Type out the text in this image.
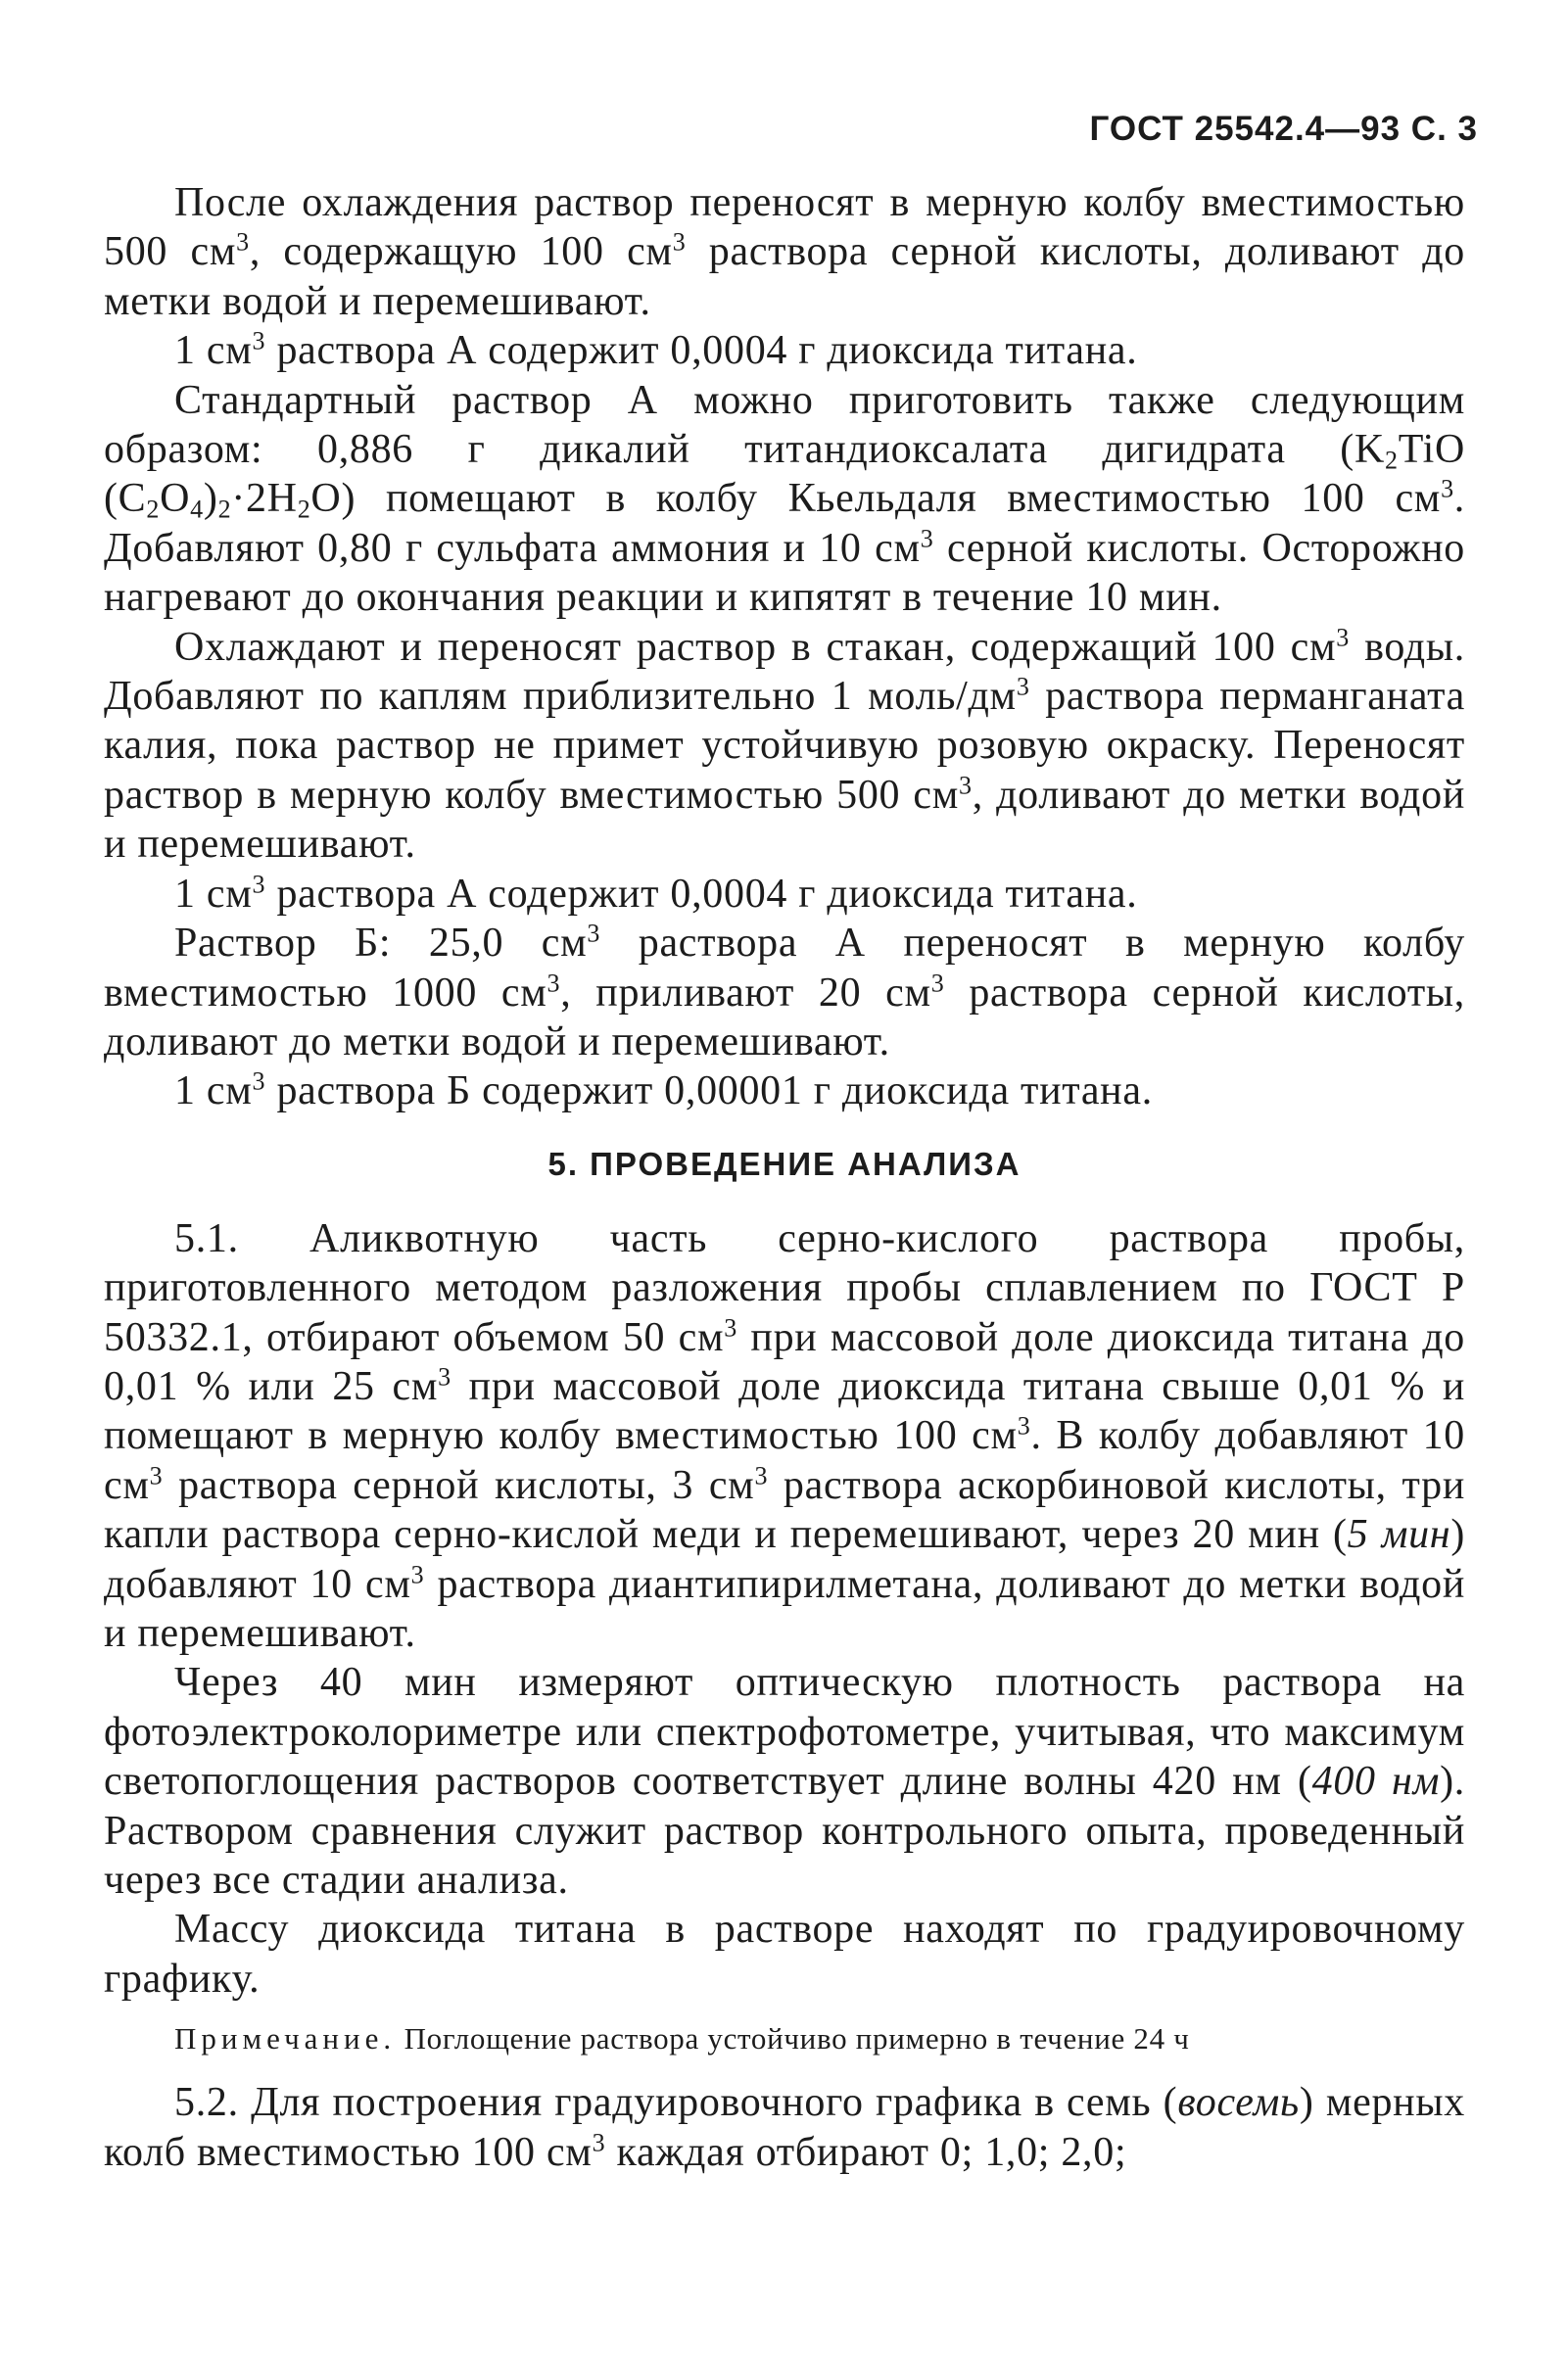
ГОСТ 25542.4—93 С. 3

После охлаждения раствор переносят в мерную колбу вместимостью 500 $см^3$, содержащую 100 $см^3$ раствора серной кислоты, доливают до метки водой и перемешивают.

1 $см^3$ раствора А содержит 0,0004 г диоксида титана.

Стандартный раствор А можно приготовить также следующим образом: 0,886 г дикалий титандиоксалата дигидрата ($K_2TiO$ $(C_2O_4)_2\cdot 2H_2O$) помещают в колбу Кьельдаля вместимостью 100 $см^3$. Добавляют 0,80 г сульфата аммония и 10 $см^3$ серной кислоты. Осторожно нагревают до окончания реакции и кипятят в течение 10 мин.

Охлаждают и переносят раствор в стакан, содержащий 100 $см^3$ воды. Добавляют по каплям приблизительно 1 моль/$дм^3$ раствора перманганата калия, пока раствор не примет устойчивую розовую окраску. Переносят раствор в мерную колбу вместимостью 500 $см^3$, доливают до метки водой и перемешивают.

1 $см^3$ раствора А содержит 0,0004 г диоксида титана.

Раствор Б: 25,0 $см^3$ раствора А переносят в мерную колбу вместимостью 1000 $см^3$, приливают 20 $см^3$ раствора серной кислоты, доливают до метки водой и перемешивают.

1 $см^3$ раствора Б содержит 0,00001 г диоксида титана.

5. ПРОВЕДЕНИЕ АНАЛИЗА

5.1. Аликвотную часть серно-кислого раствора пробы, приготовленного методом разложения пробы сплавлением по ГОСТ Р 50332.1, отбирают объемом 50 $см^3$ при массовой доле диоксида титана до 0,01 % или 25 $см^3$ при массовой доле диоксида титана свыше 0,01 % и помещают в мерную колбу вместимостью 100 $см^3$. В колбу добавляют 10 $см^3$ раствора серной кислоты, 3 $см^3$ раствора аскорбиновой кислоты, три капли раствора серно-кислой меди и перемешивают, через 20 мин (5 мин) добавляют 10 $см^3$ раствора диантипирилметана, доливают до метки водой и перемешивают.

Через 40 мин измеряют оптическую плотность раствора на фотоэлектроколориметре или спектрофотометре, учитывая, что максимум светопоглощения растворов соответствует длине волны 420 нм (400 нм). Раствором сравнения служит раствор контрольного опыта, проведенный через все стадии анализа.

Массу диоксида титана в растворе находят по градуировочному графику.

Примечание. Поглощение раствора устойчиво примерно в течение 24 ч

5.2. Для построения градуировочного графика в семь (восемь) мерных колб вместимостью 100 $см^3$ каждая отбирают 0; 1,0; 2,0;
